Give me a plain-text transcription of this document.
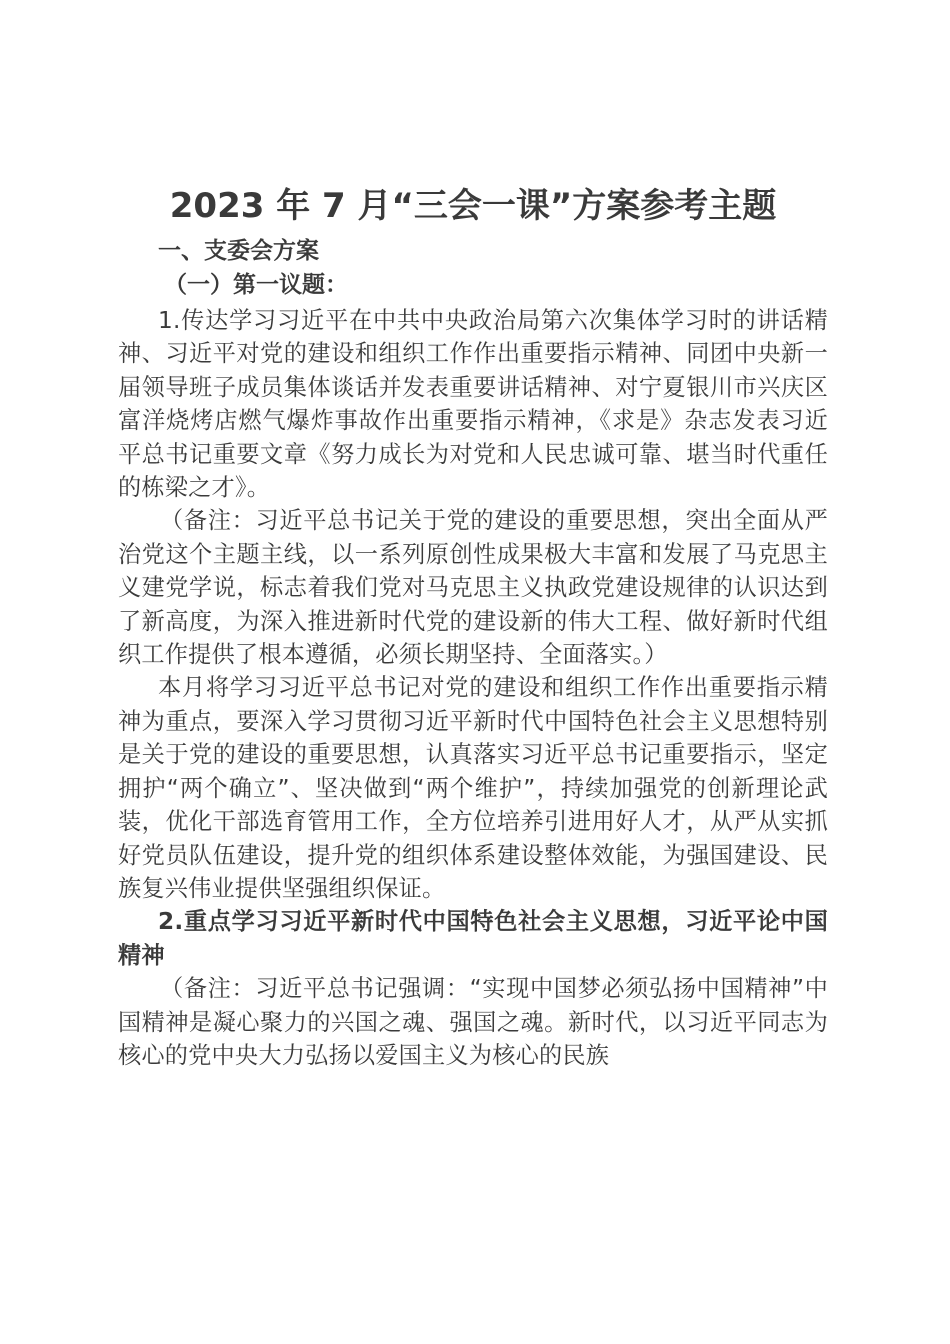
2023 年 7 月“三会一课”方案参考主题
一、支委会方案
（一）第一议题：

1.传达学习习近平在中共中央政治局第六次集体学习时的讲话精神、习近平对党的建设和组织工作作出重要指示精神、同团中央新一届领导班子成员集体谈话并发表重要讲话精神、对宁夏银川市兴庆区富洋烧烤店燃气爆炸事故作出重要指示精神，《求是》杂志发表习近平总书记重要文章《努力成长为对党和人民忠诚可靠、堪当时代重任的栋梁之才》。

（备注：习近平总书记关于党的建设的重要思想，突出全面从严治党这个主题主线，以一系列原创性成果极大丰富和发展了马克思主义建党学说，标志着我们党对马克思主义执政党建设规律的认识达到了新高度，为深入推进新时代党的建设新的伟大工程、做好新时代组织工作提供了根本遵循，必须长期坚持、全面落实。）

本月将学习习近平总书记对党的建设和组织工作作出重要指示精神为重点，要深入学习贯彻习近平新时代中国特色社会主义思想特别是关于党的建设的重要思想，认真落实习近平总书记重要指示，坚定拥护“两个确立”、坚决做到“两个维护”，持续加强党的创新理论武装，优化干部选育管用工作，全方位培养引进用好人才，从严从实抓好党员队伍建设，提升党的组织体系建设整体效能，为强国建设、民族复兴伟业提供坚强组织保证。

2.重点学习习近平新时代中国特色社会主义思想，习近平论中国精神

（备注：习近平总书记强调：“实现中国梦必须弘扬中国精神”中国精神是凝心聚力的兴国之魂、强国之魂。新时代，以习近平同志为核心的党中央大力弘扬以爱国主义为核心的民族
